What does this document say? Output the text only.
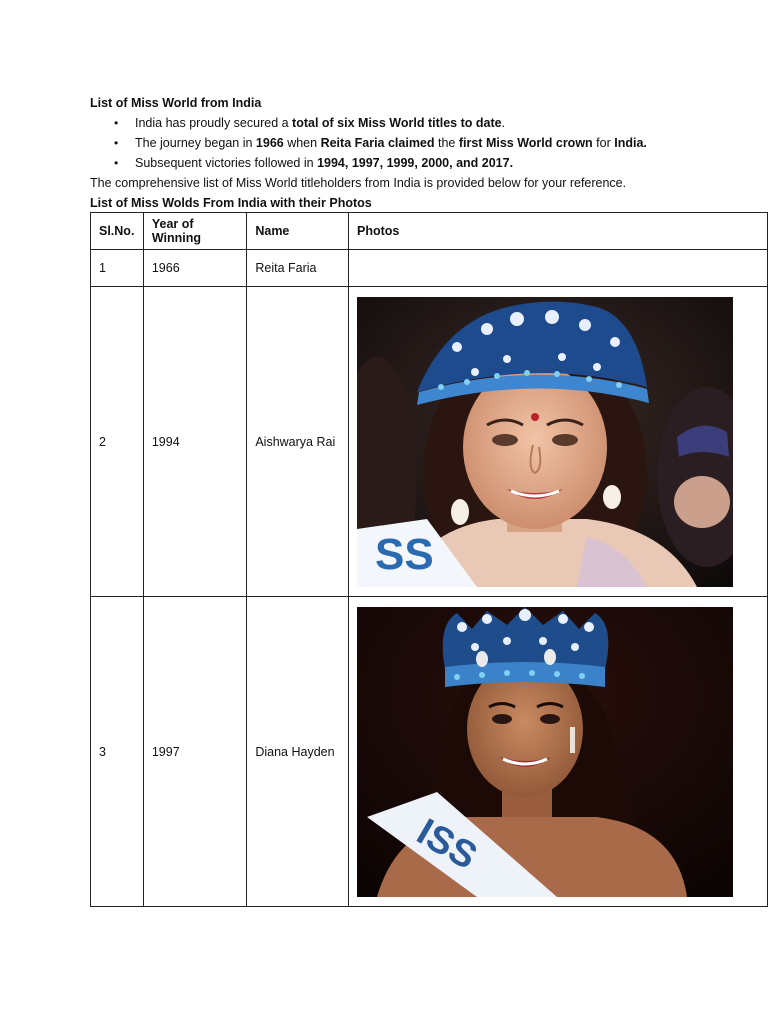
List of Miss World from India

• India has proudly secured a total of six Miss World titles to date.
• The journey began in 1966 when Reita Faria claimed the first Miss World crown for India.
• Subsequent victories followed in 1994, 1997, 1999, 2000, and 2017.

The comprehensive list of Miss World titleholders from India is provided below for your reference.

List of Miss Wolds From India with their Photos

Sl.No.	Year of Winning	Name	Photos
1	1966	Reita Faria	
2	1994	Aishwarya Rai	SS

3	1997	Diana Hayden	ISS
